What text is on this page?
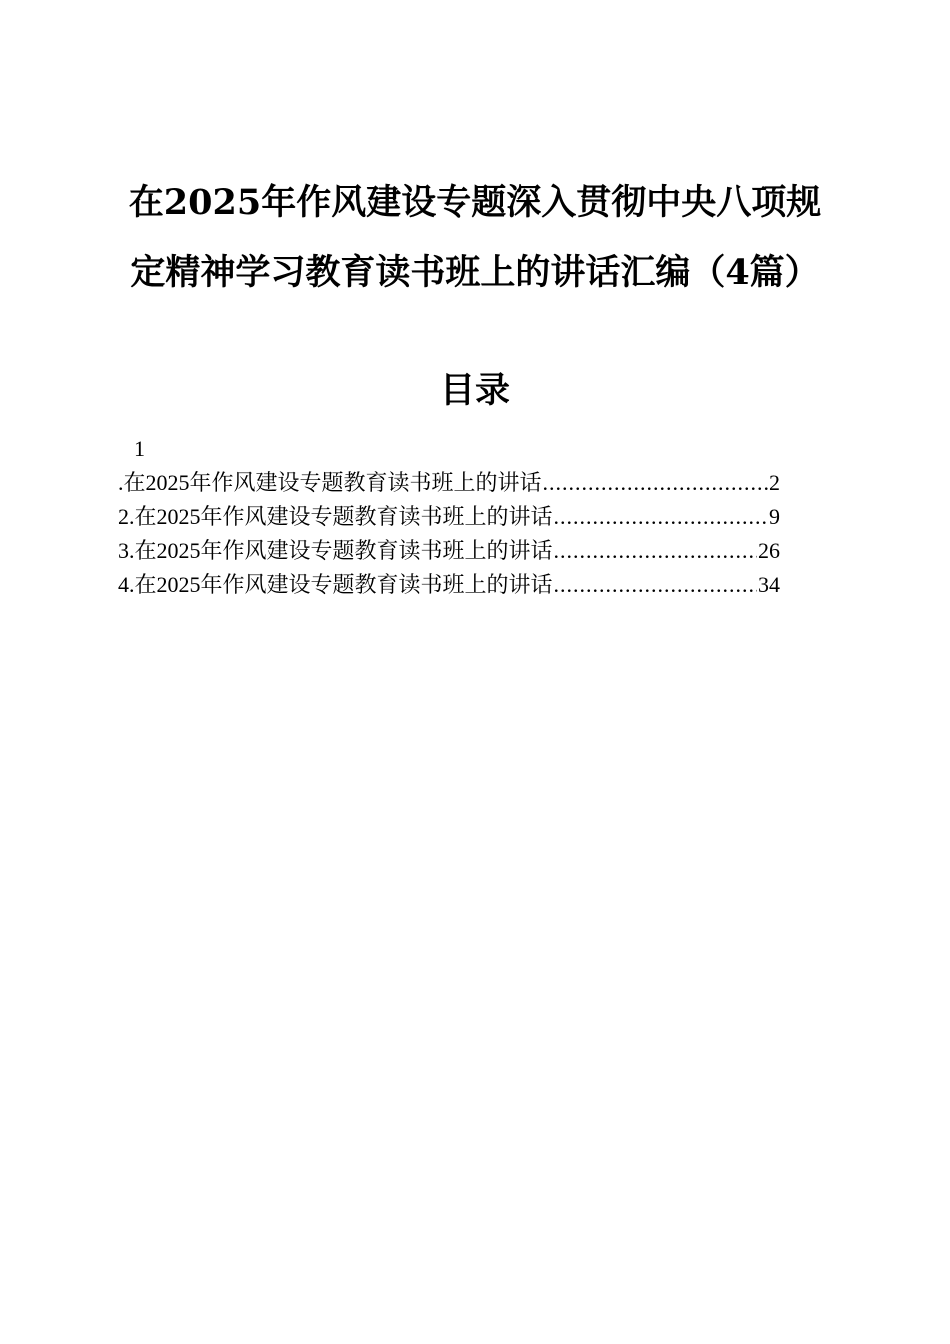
在2025年作风建设专题深入贯彻中央八项规
定精神学习教育读书班上的讲话汇编（4篇）
目录
1
.在2025年作风建设专题教育读书班上的讲话 .....	2
2.在2025年作风建设专题教育读书班上的讲话 .....	9
3.在2025年作风建设专题教育读书班上的讲话 .....	26
4.在2025年作风建设专题教育读书班上的讲话 .....	34
